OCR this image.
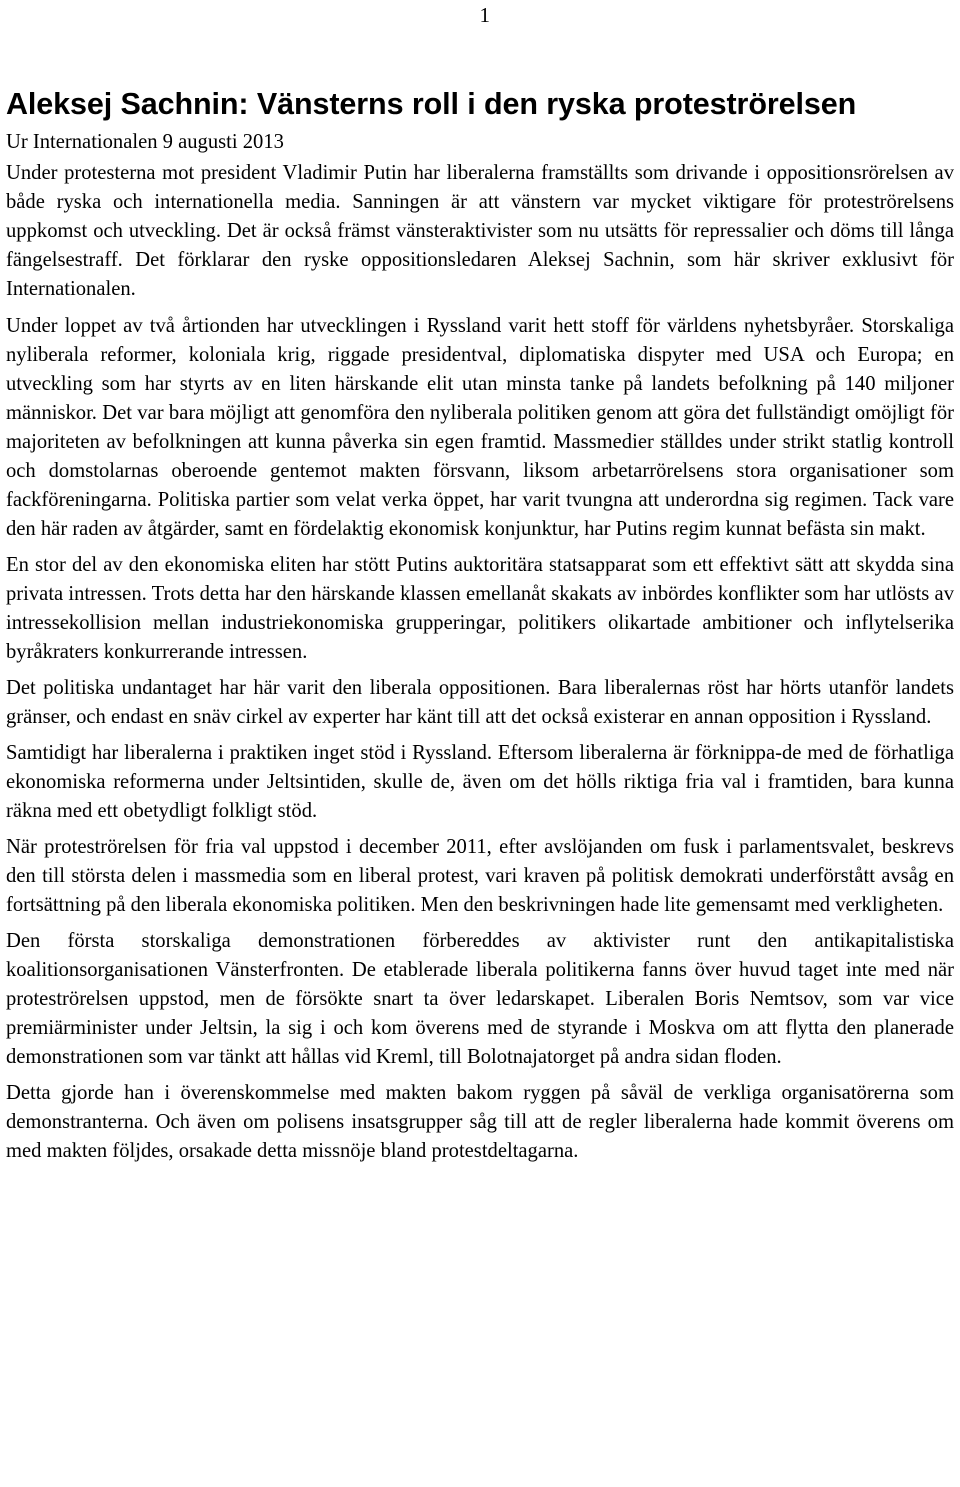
1
Aleksej Sachnin: Vänsterns roll i den ryska proteströrelsen

Ur Internationalen 9 augusti 2013

Under protesterna mot president Vladimir Putin har liberalerna framställts som drivande i oppositionsrörelsen av både ryska och internationella media. Sanningen är att vänstern var mycket viktigare för proteströrelsens uppkomst och utveckling. Det är också främst vänsteraktivister som nu utsätts för repressalier och döms till långa fängelsestraff. Det förklarar den ryske oppositionsledaren Aleksej Sachnin, som här skriver exklusivt för Internationalen.

Under loppet av två årtionden har utvecklingen i Ryssland varit hett stoff för världens nyhetsbyråer. Storskaliga nyliberala reformer, koloniala krig, riggade presidentval, diplomatiska dispyter med USA och Europa; en utveckling som har styrts av en liten härskande elit utan minsta tanke på landets befolkning på 140 miljoner människor. Det var bara möjligt att genomföra den nyliberala politiken genom att göra det fullständigt omöjligt för majoriteten av befolkningen att kunna påverka sin egen framtid. Massmedier ställdes under strikt statlig kontroll och domstolarnas oberoende gentemot makten försvann, liksom arbetarrörelsens stora organisationer som fackföreningarna. Politiska partier som velat verka öppet, har varit tvungna att underordna sig regimen. Tack vare den här raden av åtgärder, samt en fördelaktig ekonomisk konjunktur, har Putins regim kunnat befästa sin makt.

En stor del av den ekonomiska eliten har stött Putins auktoritära statsapparat som ett effektivt sätt att skydda sina privata intressen. Trots detta har den härskande klassen emellanåt skakats av inbördes konflikter som har utlösts av intressekollision mellan industriekonomiska grupperingar, politikers olikartade ambitioner och inflytelserika byråkraters konkurrerande intressen.

Det politiska undantaget har här varit den liberala oppositionen. Bara liberalernas röst har hörts utanför landets gränser, och endast en snäv cirkel av experter har känt till att det också existerar en annan opposition i Ryssland.

Samtidigt har liberalerna i praktiken inget stöd i Ryssland. Eftersom liberalerna är förknippa-de med de förhatliga ekonomiska reformerna under Jeltsintiden, skulle de, även om det hölls riktiga fria val i framtiden, bara kunna räkna med ett obetydligt folkligt stöd.

När proteströrelsen för fria val uppstod i december 2011, efter avslöjanden om fusk i parlamentsvalet, beskrevs den till största delen i massmedia som en liberal protest, vari kraven på politisk demokrati underförstått avsåg en fortsättning på den liberala ekonomiska politiken. Men den beskrivningen hade lite gemensamt med verkligheten.

Den första storskaliga demonstrationen förbereddes av aktivister runt den antikapitalistiska koalitionsorganisationen Vänsterfronten. De etablerade liberala politikerna fanns över huvud taget inte med när proteströrelsen uppstod, men de försökte snart ta över ledarskapet. Liberalen Boris Nemtsov, som var vice premiärminister under Jeltsin, la sig i och kom överens med de styrande i Moskva om att flytta den planerade demonstrationen som var tänkt att hållas vid Kreml, till Bolotnajatorget på andra sidan floden.

Detta gjorde han i överenskommelse med makten bakom ryggen på såväl de verkliga organisatörerna som demonstranterna. Och även om polisens insatsgrupper såg till att de regler liberalerna hade kommit överens om med makten följdes, orsakade detta missnöje bland protestdeltagarna.
